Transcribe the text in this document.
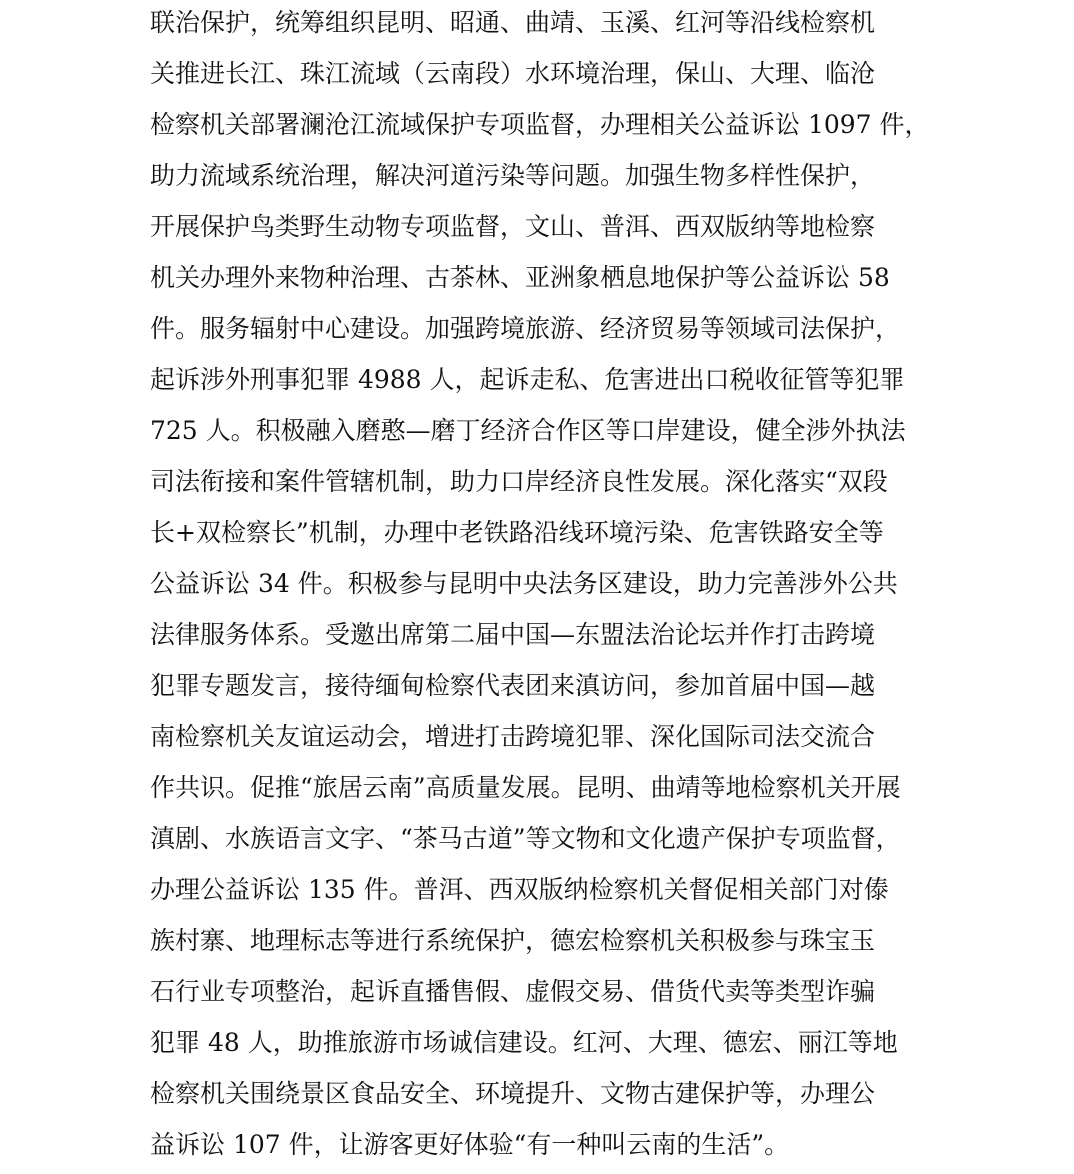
联治保护，统筹组织昆明、昭通、曲靖、玉溪、红河等沿线检察机
关推进长江、珠江流域（云南段）水环境治理，保山、大理、临沧
检察机关部署澜沧江流域保护专项监督，办理相关公益诉讼 1097 件，
助力流域系统治理，解决河道污染等问题。加强生物多样性保护，
开展保护鸟类野生动物专项监督，文山、普洱、西双版纳等地检察
机关办理外来物种治理、古茶林、亚洲象栖息地保护等公益诉讼 58
件。服务辐射中心建设。加强跨境旅游、经济贸易等领域司法保护，
起诉涉外刑事犯罪 4988 人，起诉走私、危害进出口税收征管等犯罪
725 人。积极融入磨憨—磨丁经济合作区等口岸建设，健全涉外执法
司法衔接和案件管辖机制，助力口岸经济良性发展。深化落实“双段
长+双检察长”机制，办理中老铁路沿线环境污染、危害铁路安全等
公益诉讼 34 件。积极参与昆明中央法务区建设，助力完善涉外公共
法律服务体系。受邀出席第二届中国—东盟法治论坛并作打击跨境
犯罪专题发言，接待缅甸检察代表团来滇访问，参加首届中国—越
南检察机关友谊运动会，增进打击跨境犯罪、深化国际司法交流合
作共识。促推“旅居云南”高质量发展。昆明、曲靖等地检察机关开展
滇剧、水族语言文字、“茶马古道”等文物和文化遗产保护专项监督，
办理公益诉讼 135 件。普洱、西双版纳检察机关督促相关部门对傣
族村寨、地理标志等进行系统保护，德宏检察机关积极参与珠宝玉
石行业专项整治，起诉直播售假、虚假交易、借货代卖等类型诈骗
犯罪 48 人，助推旅游市场诚信建设。红河、大理、德宏、丽江等地
检察机关围绕景区食品安全、环境提升、文物古建保护等，办理公
益诉讼 107 件，让游客更好体验“有一种叫云南的生活”。
